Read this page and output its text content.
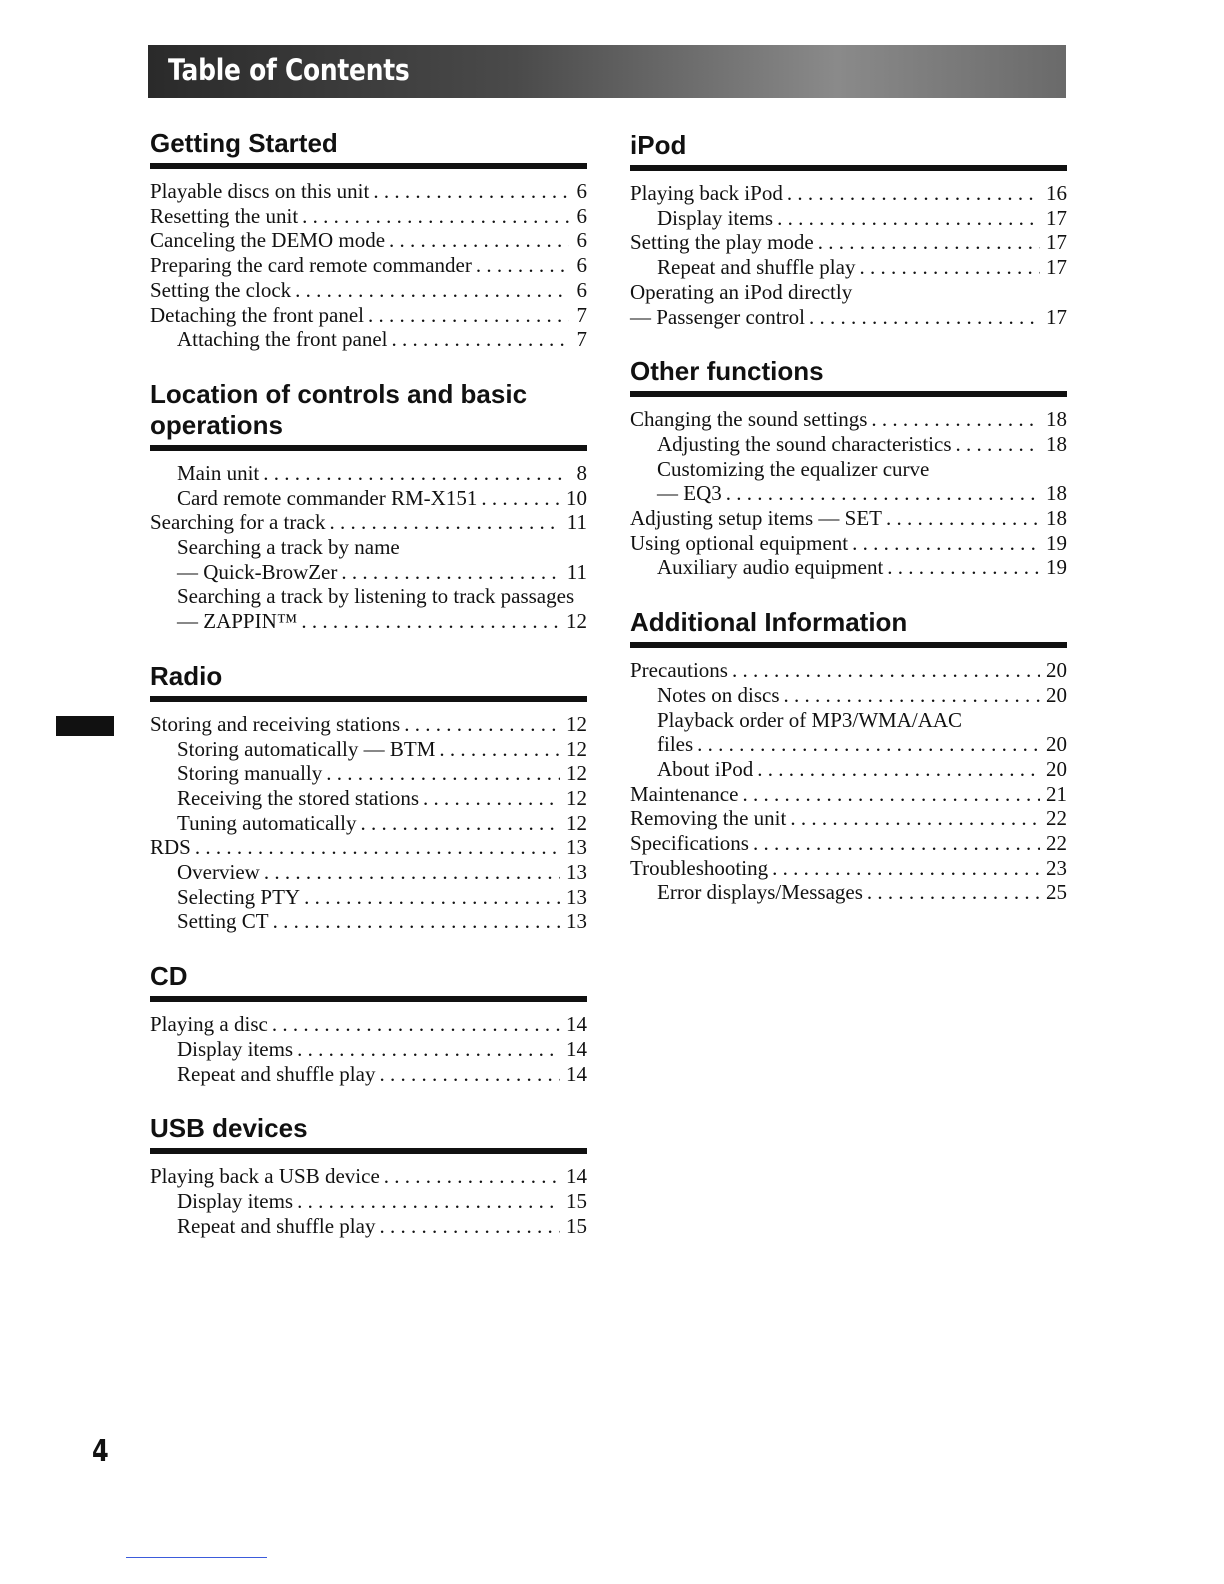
Table of Contents
Getting Started
Playable discs on this unit . . .	6
Resetting the unit . . .	6
Canceling the DEMO mode . . .	6
Preparing the card remote commander . . .	6
Setting the clock . . .	6
Detaching the front panel . . .	7
Attaching the front panel . . .	7
Location of controls and basic operations
Main unit . . .	8
Card remote commander RM-X151 . . .	10
Searching for a track . . .	11
Searching a track by name
— Quick-BrowZer . . .	11
Searching a track by listening to track passages
— ZAPPIN™ . . .	12
Radio
Storing and receiving stations . . .	12
Storing automatically — BTM . . .	12
Storing manually . . .	12
Receiving the stored stations . . .	12
Tuning automatically . . .	12
RDS . . .	13
Overview . . .	13
Selecting PTY . . .	13
Setting CT . . .	13
CD
Playing a disc . . .	14
Display items . . .	14
Repeat and shuffle play . . .	14
USB devices
Playing back a USB device . . .	14
Display items . . .	15
Repeat and shuffle play . . .	15
iPod
Playing back iPod . . .	16
Display items . . .	17
Setting the play mode . . .	17
Repeat and shuffle play . . .	17
Operating an iPod directly
— Passenger control . . .	17
Other functions
Changing the sound settings . . .	18
Adjusting the sound characteristics . . .	18
Customizing the equalizer curve
— EQ3 . . .	18
Adjusting setup items — SET . . .	18
Using optional equipment . . .	19
Auxiliary audio equipment . . .	19
Additional Information
Precautions . . .	20
Notes on discs . . .	20
Playback order of MP3/WMA/AAC
files . . .	20
About iPod . . .	20
Maintenance . . .	21
Removing the unit . . .	22
Specifications . . .	22
Troubleshooting . . .	23
Error displays/Messages . . .	25
4
